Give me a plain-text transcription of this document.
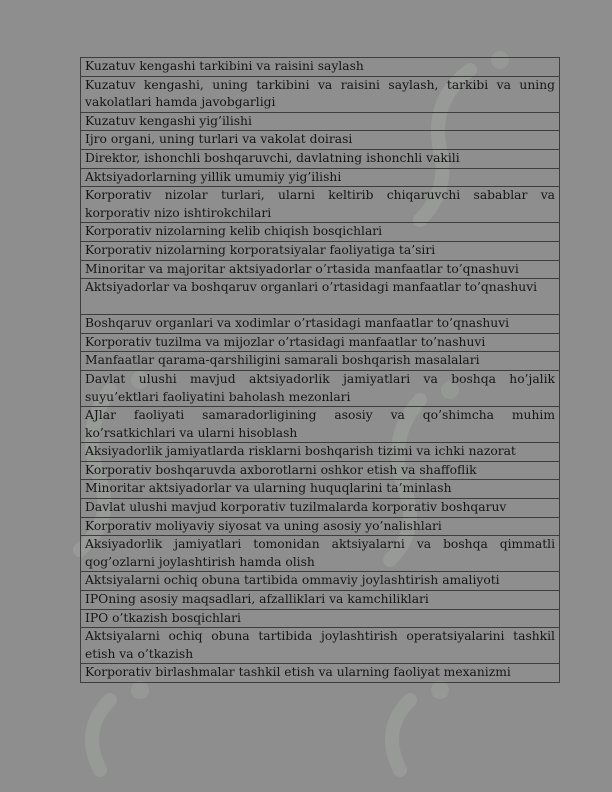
Kuzatuv kengashi tarkibini va raisini saylash
Kuzatuv kengashi, uning tarkibini va raisini saylash, tarkibi va uning vakolatlari hamda javobgarligi
Kuzatuv kengashi yig’ilishi
Ijro organi, uning turlari va vakolat doirasi
Direktor, ishonchli boshqaruvchi, davlatning ishonchli vakili
Aktsiyadorlarning yillik umumiy yig’ilishi
Korporativ nizolar turlari, ularni keltirib chiqaruvchi sabablar va korporativ nizo ishtirokchilari
Korporativ nizolarning kelib chiqish bosqichlari
Korporativ nizolarning korporatsiyalar faoliyatiga ta’siri
Minoritar va majoritar aktsiyadorlar o’rtasida manfaatlar to’qnashuvi
Aktsiyadorlar va boshqaruv organlari o’rtasidagi manfaatlar to’qnashuvi
Boshqaruv organlari va xodimlar o’rtasidagi manfaatlar to’qnashuvi
Korporativ tuzilma va mijozlar o’rtasidagi manfaatlar to’nashuvi
Manfaatlar qarama-qarshiligini samarali boshqarish masalalari
Davlat ulushi mavjud aktsiyadorlik jamiyatlari va boshqa ho’jalik suyu’ektlari faoliyatini baholash mezonlari
AJlar faoliyati samaradorligining asosiy va qo’shimcha muhim ko’rsatkichlari va ularni hisoblash
Aksiyadorlik jamiyatlarda risklarni boshqarish tizimi va ichki nazorat
Korporativ boshqaruvda axborotlarni oshkor etish va shaffoflik
Minoritar aktsiyadorlar va ularning huquqlarini ta’minlash
Davlat ulushi mavjud korporativ tuzilmalarda korporativ boshqaruv
Korporativ moliyaviy siyosat va uning asosiy yo’nalishlari
Aksiyadorlik jamiyatlari tomonidan aktsiyalarni va boshqa qimmatli qog’ozlarni joylashtirish hamda olish
Aktsiyalarni ochiq obuna tartibida ommaviy joylashtirish amaliyoti
IPOning asosiy maqsadlari, afzalliklari va kamchiliklari
IPO o’tkazish bosqichlari
Aktsiyalarni ochiq obuna tartibida joylashtirish operatsiyalarini tashkil etish va o’tkazish
Korporativ birlashmalar tashkil etish va ularning faoliyat mexanizmi
